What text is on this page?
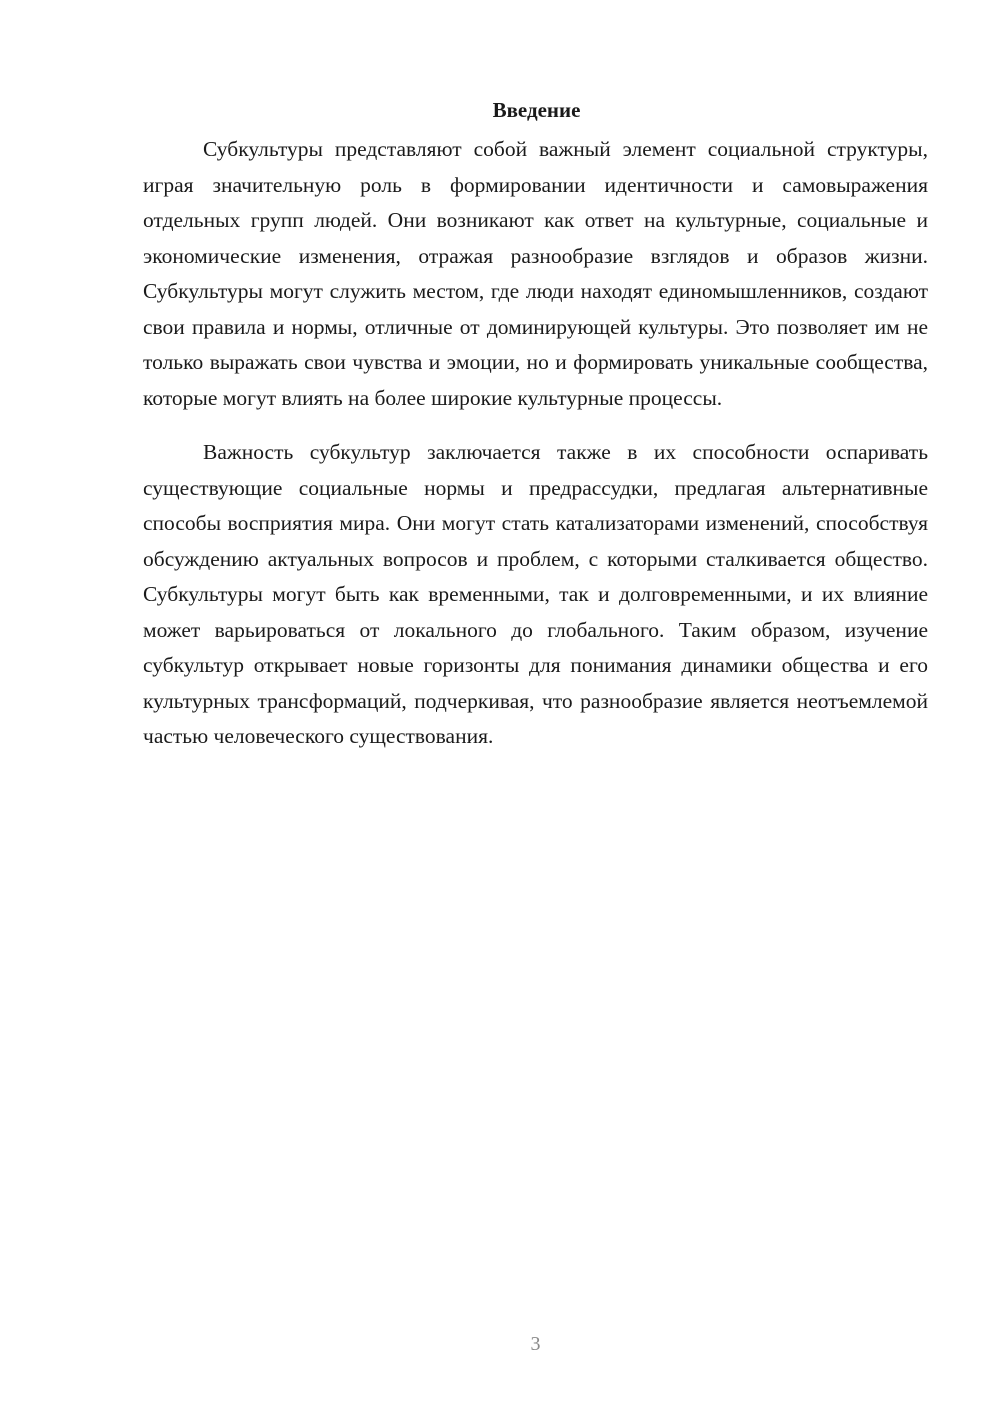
Введение

Субкультуры представляют собой важный элемент социальной структуры, играя значительную роль в формировании идентичности и самовыражения отдельных групп людей. Они возникают как ответ на культурные, социальные и экономические изменения, отражая разнообразие взглядов и образов жизни. Субкультуры могут служить местом, где люди находят единомышленников, создают свои правила и нормы, отличные от доминирующей культуры. Это позволяет им не только выражать свои чувства и эмоции, но и формировать уникальные сообщества, которые могут влиять на более широкие культурные процессы.

Важность субкультур заключается также в их способности оспаривать существующие социальные нормы и предрассудки, предлагая альтернативные способы восприятия мира. Они могут стать катализаторами изменений, способствуя обсуждению актуальных вопросов и проблем, с которыми сталкивается общество. Субкультуры могут быть как временными, так и долговременными, и их влияние может варьироваться от локального до глобального. Таким образом, изучение субкультур открывает новые горизонты для понимания динамики общества и его культурных трансформаций, подчеркивая, что разнообразие является неотъемлемой частью человеческого существования.

3
